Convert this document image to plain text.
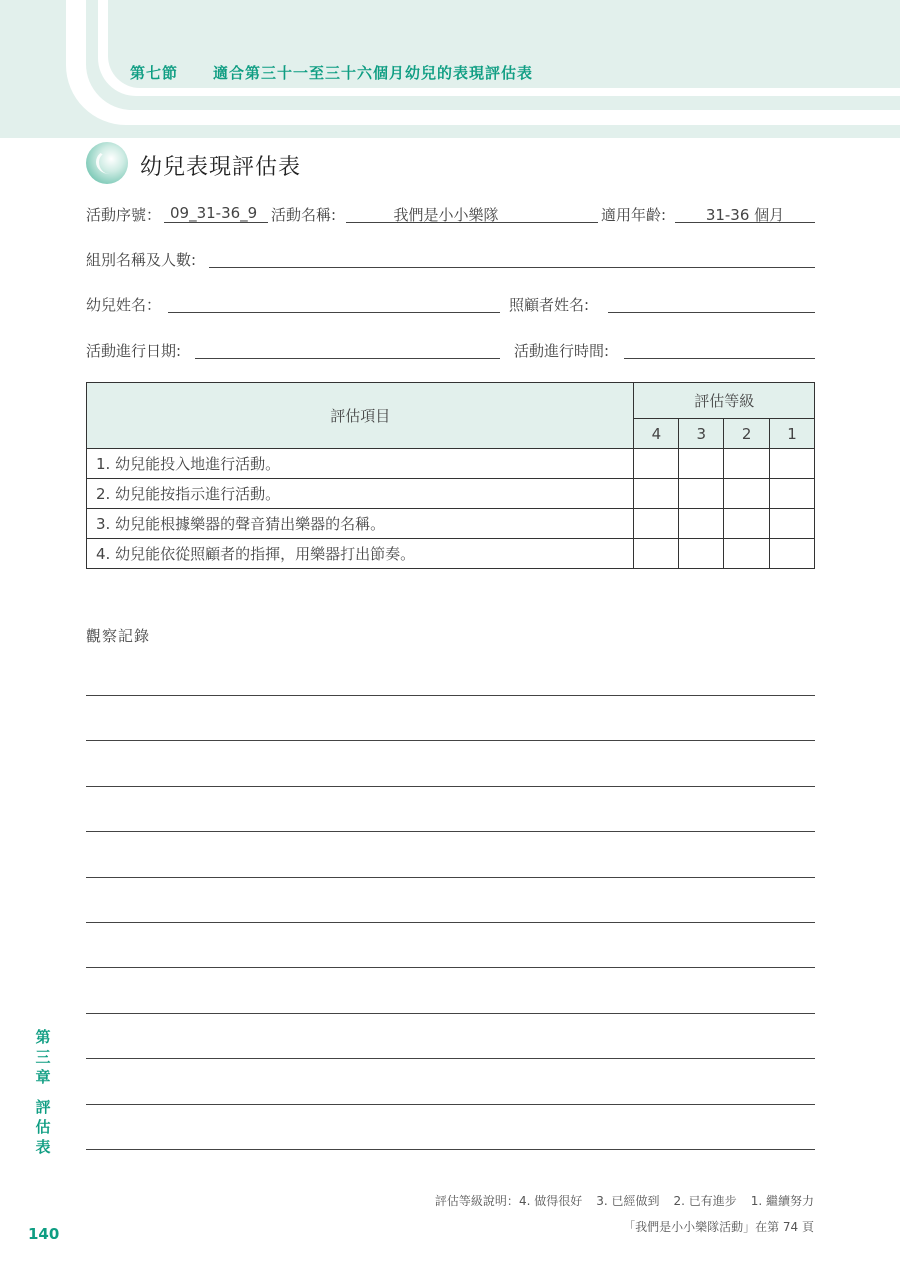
第七節 適合第三十一至三十六個月幼兒的表現評估表
幼兒表現評估表
活動序號： 09_31-36_9 活動名稱:	我們是小小樂隊	適用年齡:	31-36 個月
組別名稱及人數:
幼兒姓名：	照顧者姓名:
活動進行日期:	活動進行時間:
評估項目	評估等級			
	4	3	2	1
1. 幼兒能投入地進行活動。				
2. 幼兒能按指示進行活動。				
3. 幼兒能根據樂器的聲音猜出樂器的名稱。				
4. 幼兒能依從照顧者的指揮，用樂器打出節奏。				
觀察記錄
第三章
評估表
140
評估等級說明：4. 做得很好 3. 已經做到 2. 已有進步 1. 繼續努力
「我們是小小樂隊活動」在第 74 頁
